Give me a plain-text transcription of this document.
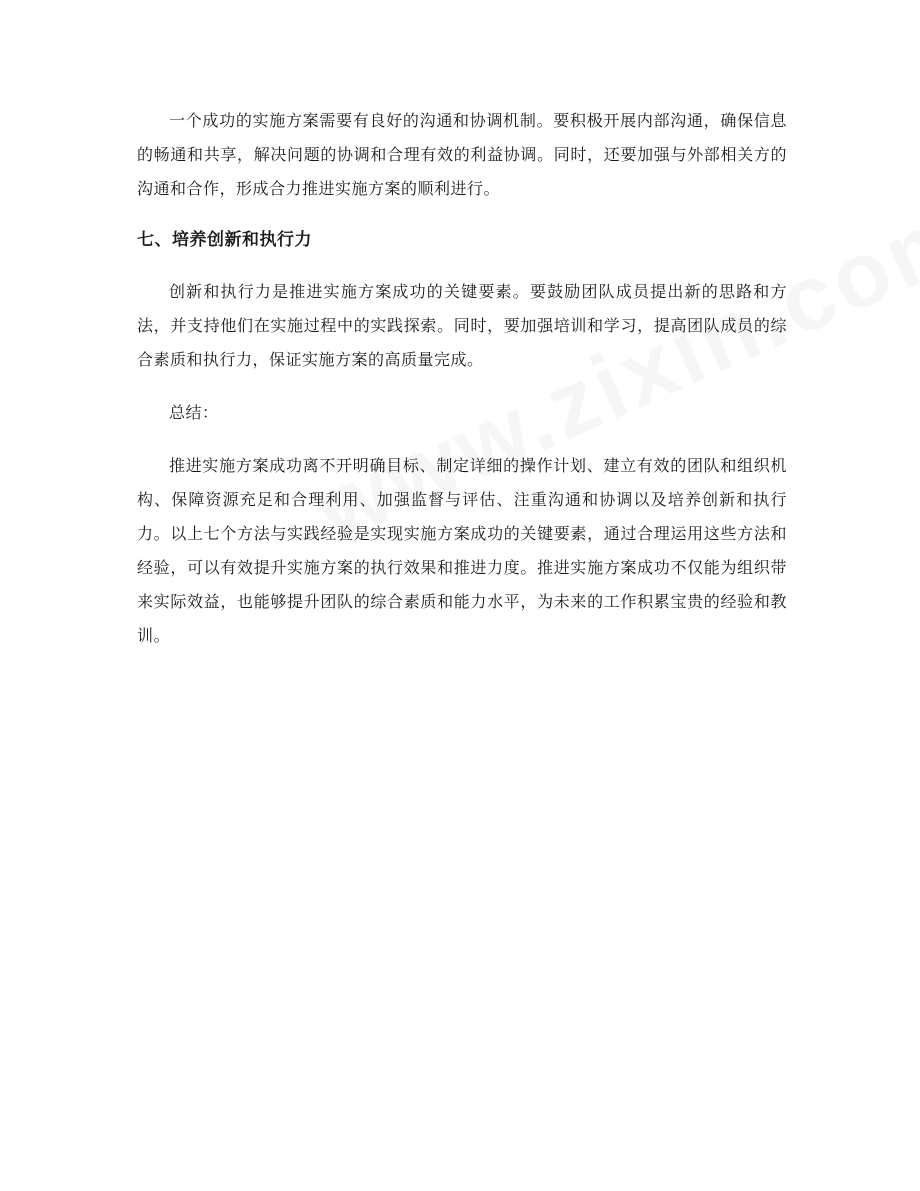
一个成功的实施方案需要有良好的沟通和协调机制。要积极开展内部沟通，确保信息的畅通和共享，解决问题的协调和合理有效的利益协调。同时，还要加强与外部相关方的沟通和合作，形成合力推进实施方案的顺利进行。

七、培养创新和执行力

创新和执行力是推进实施方案成功的关键要素。要鼓励团队成员提出新的思路和方法，并支持他们在实施过程中的实践探索。同时，要加强培训和学习，提高团队成员的综合素质和执行力，保证实施方案的高质量完成。

总结：

推进实施方案成功离不开明确目标、制定详细的操作计划、建立有效的团队和组织机构、保障资源充足和合理利用、加强监督与评估、注重沟通和协调以及培养创新和执行力。以上七个方法与实践经验是实现实施方案成功的关键要素，通过合理运用这些方法和经验，可以有效提升实施方案的执行效果和推进力度。推进实施方案成功不仅能为组织带来实际效益，也能够提升团队的综合素质和能力水平，为未来的工作积累宝贵的经验和教训。
